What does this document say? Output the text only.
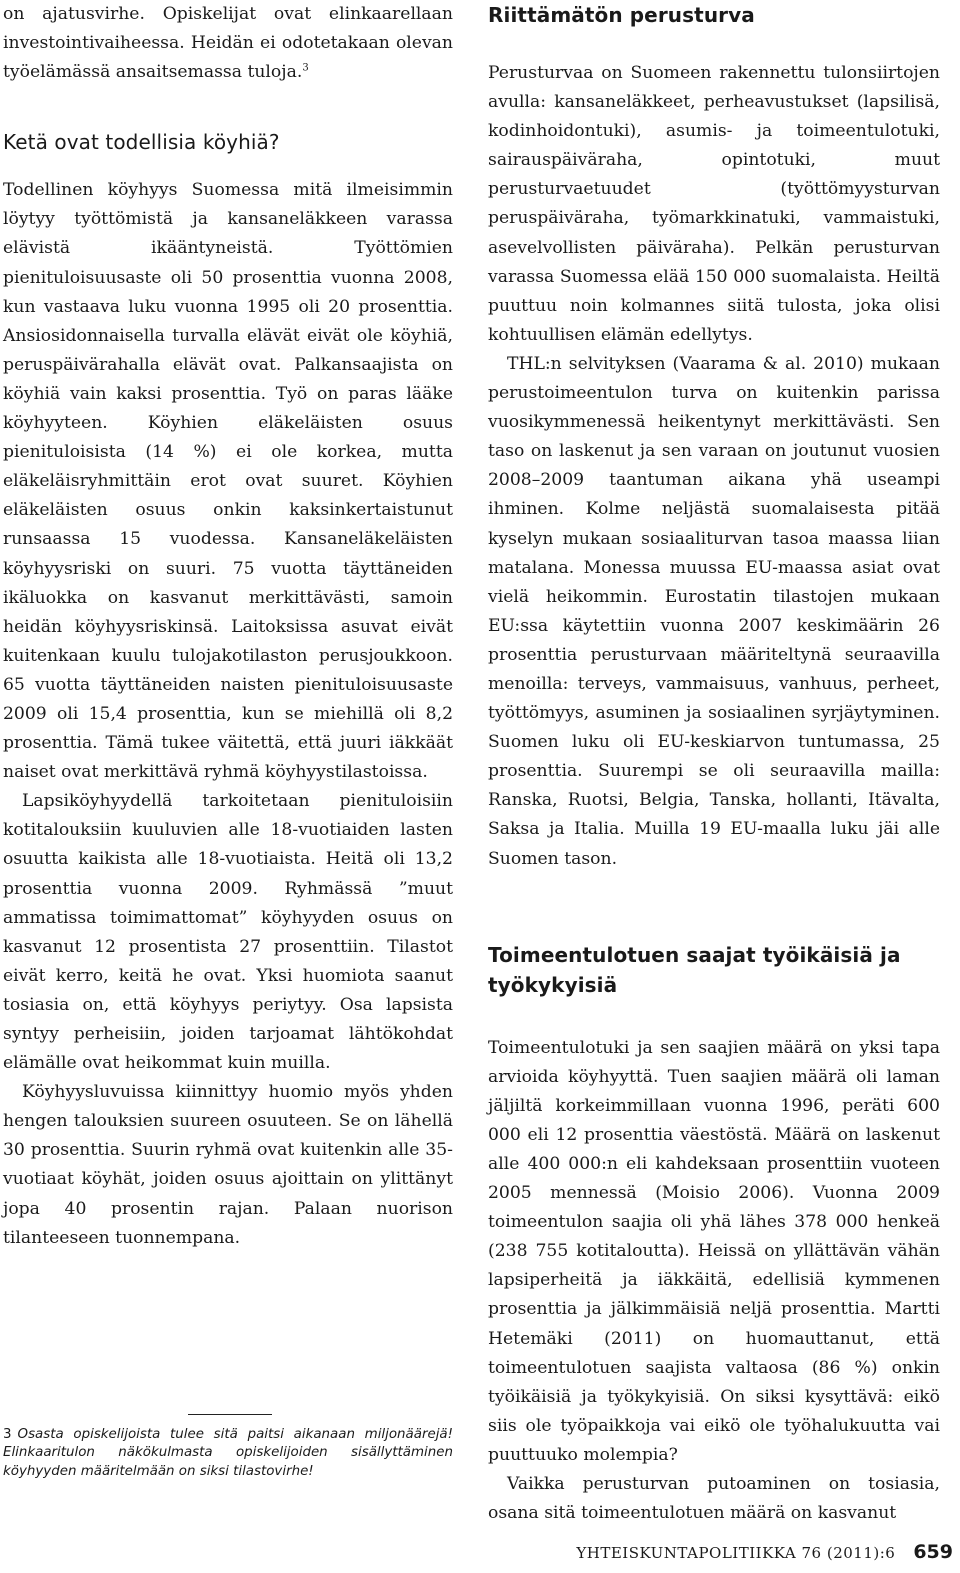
on ajatusvirhe. Opiskelijat ovat elinkaarellaan investointivaiheessa. Heidän ei odotetakaan olevan työelämässä ansaitsemassa tuloja.$^3$

Ketä ovat todellisia köyhiä?

Todellinen köyhyys Suomessa mitä ilmeisimmin löytyy työttömistä ja kansaneläkkeen varassa elävistä ikääntyneistä. Työttömien pienituloisuusaste oli 50 prosenttia vuonna 2008, kun vastaava luku vuonna 1995 oli 20 prosenttia. Ansiosidonnaisella turvalla elävät eivät ole köyhiä, peruspäivärahalla elävät ovat. Palkansaajista on köyhiä vain kaksi prosenttia. Työ on paras lääke köyhyyteen. Köyhien eläkeläisten osuus pienituloisista (14 %) ei ole korkea, mutta eläkeläisryhmittäin erot ovat suuret. Köyhien eläkeläisten osuus onkin kaksinkertaistunut runsaassa 15 vuodessa. Kansaneläkeläisten köyhyysriski on suuri. 75 vuotta täyttäneiden ikäluokka on kasvanut merkittävästi, samoin heidän köyhyysriskinsä. Laitoksissa asuvat eivät kuitenkaan kuulu tulojakotilaston perusjoukkoon. 65 vuotta täyttäneiden naisten pienituloisuusaste 2009 oli 15,4 prosenttia, kun se miehillä oli 8,2 prosenttia. Tämä tukee väitettä, että juuri iäkkäät naiset ovat merkittävä ryhmä köyhyystilastoissa.

Lapsiköyhyydellä tarkoitetaan pienituloisiin kotitalouksiin kuuluvien alle 18-vuotiaiden lasten osuutta kaikista alle 18-vuotiaista. Heitä oli 13,2 prosenttia vuonna 2009. Ryhmässä ”muut ammatissa toimimattomat” köyhyyden osuus on kasvanut 12 prosentista 27 prosenttiin. Tilastot eivät kerro, keitä he ovat. Yksi huomiota saanut tosiasia on, että köyhyys periytyy. Osa lapsista syntyy perheisiin, joiden tarjoamat lähtökohdat elämälle ovat heikommat kuin muilla.

Köyhyysluvuissa kiinnittyy huomio myös yhden hengen talouksien suureen osuuteen. Se on lähellä 30 prosenttia. Suurin ryhmä ovat kuitenkin alle 35-vuotiaat köyhät, joiden osuus ajoittain on ylittänyt jopa 40 prosentin rajan. Palaan nuorison tilanteeseen tuonnempana.

3 Osasta opiskelijoista tulee sitä paitsi aikanaan miljonäärejä! Elinkaaritulon näkökulmasta opiskelijoiden sisällyttäminen köyhyyden määritelmään on siksi tilastovirhe!
Riittämätön perusturva

Perusturvaa on Suomeen rakennettu tulonsiirtojen avulla: kansaneläkkeet, perheavustukset (lapsilisä, kodinhoidontuki), asumis- ja toimeentulotuki, sairauspäiväraha, opintotuki, muut perusturvaetuudet (työttömyysturvan peruspäiväraha, työmarkkinatuki, vammaistuki, asevelvollisten päiväraha). Pelkän perusturvan varassa Suomessa elää 150 000 suomalaista. Heiltä puuttuu noin kolmannes siitä tulosta, joka olisi kohtuullisen elämän edellytys.

THL:n selvityksen (Vaarama & al. 2010) mukaan perustoimeentulon turva on kuitenkin parissa vuosikymmenessä heikentynyt merkittävästi. Sen taso on laskenut ja sen varaan on joutunut vuosien 2008–2009 taantuman aikana yhä useampi ihminen. Kolme neljästä suomalaisesta pitää kyselyn mukaan sosiaaliturvan tasoa maassa liian matalana. Monessa muussa EU-maassa asiat ovat vielä heikommin. Eurostatin tilastojen mukaan EU:ssa käytettiin vuonna 2007 keskimäärin 26 prosenttia perusturvaan määriteltynä seuraavilla menoilla: terveys, vammaisuus, vanhuus, perheet, työttömyys, asuminen ja sosiaalinen syrjäytyminen. Suomen luku oli EU-keskiarvon tuntumassa, 25 prosenttia. Suurempi se oli seuraavilla mailla: Ranska, Ruotsi, Belgia, Tanska, hollanti, Itävalta, Saksa ja Italia. Muilla 19 EU-maalla luku jäi alle Suomen tason.

Toimeentulotuen saajat työikäisiä ja työkykyisiä

Toimeentulotuki ja sen saajien määrä on yksi tapa arvioida köyhyyttä. Tuen saajien määrä oli laman jäljiltä korkeimmillaan vuonna 1996, peräti 600 000 eli 12 prosenttia väestöstä. Määrä on laskenut alle 400 000:n eli kahdeksaan prosenttiin vuoteen 2005 mennessä (Moisio 2006). Vuonna 2009 toimeentulon saajia oli yhä lähes 378 000 henkeä (238 755 kotitaloutta). Heissä on yllättävän vähän lapsiperheitä ja iäkkäitä, edellisiä kymmenen prosenttia ja jälkimmäisiä neljä prosenttia. Martti Hetemäki (2011) on huomauttanut, että toimeentulotuen saajista valtaosa (86 %) onkin työikäisiä ja työkykyisiä. On siksi kysyttävä: eikö siis ole työpaikkoja vai eikö ole työhalukuutta vai puuttuuko molempia?

Vaikka perusturvan putoaminen on tosiasia, osana sitä toimeentulotuen määrä on kasvanut

YHTEISKUNTAPOLITIIKKA 76 (2011):6 659
